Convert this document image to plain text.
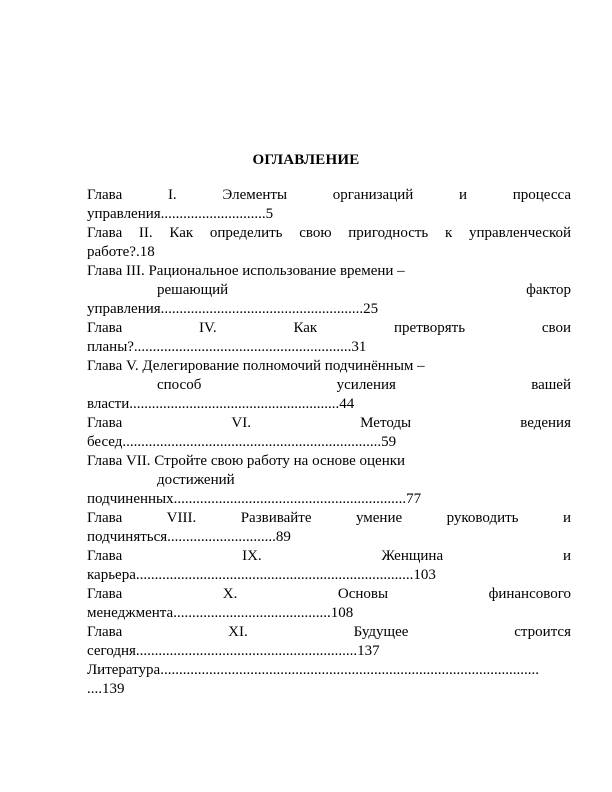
ОГЛАВЛЕНИЕ
Глава I. Элементы организаций и процесса
управления............................5
Глава II. Как определить свою пригодность к управленческой
работе?.18
Глава III. Рациональное использование времени –
решающий фактор
управления......................................................25
Глава IV. Как претворять свои
планы?..........................................................31
Глава V. Делегирование полномочий подчинённым –
способ усиления вашей
власти........................................................44
Глава VI. Методы ведения
бесед.....................................................................59
Глава VII. Стройте свою работу на основе оценки
достижений
подчиненных..............................................................77
Глава VIII. Развивайте умение руководить и
подчиняться.............................89
Глава IX. Женщина и
карьера..........................................................................103
Глава X. Основы финансового
менеджмента..........................................108
Глава XI. Будущее строится
сегодня...........................................................137
Литература.....................................................................................................
....139
